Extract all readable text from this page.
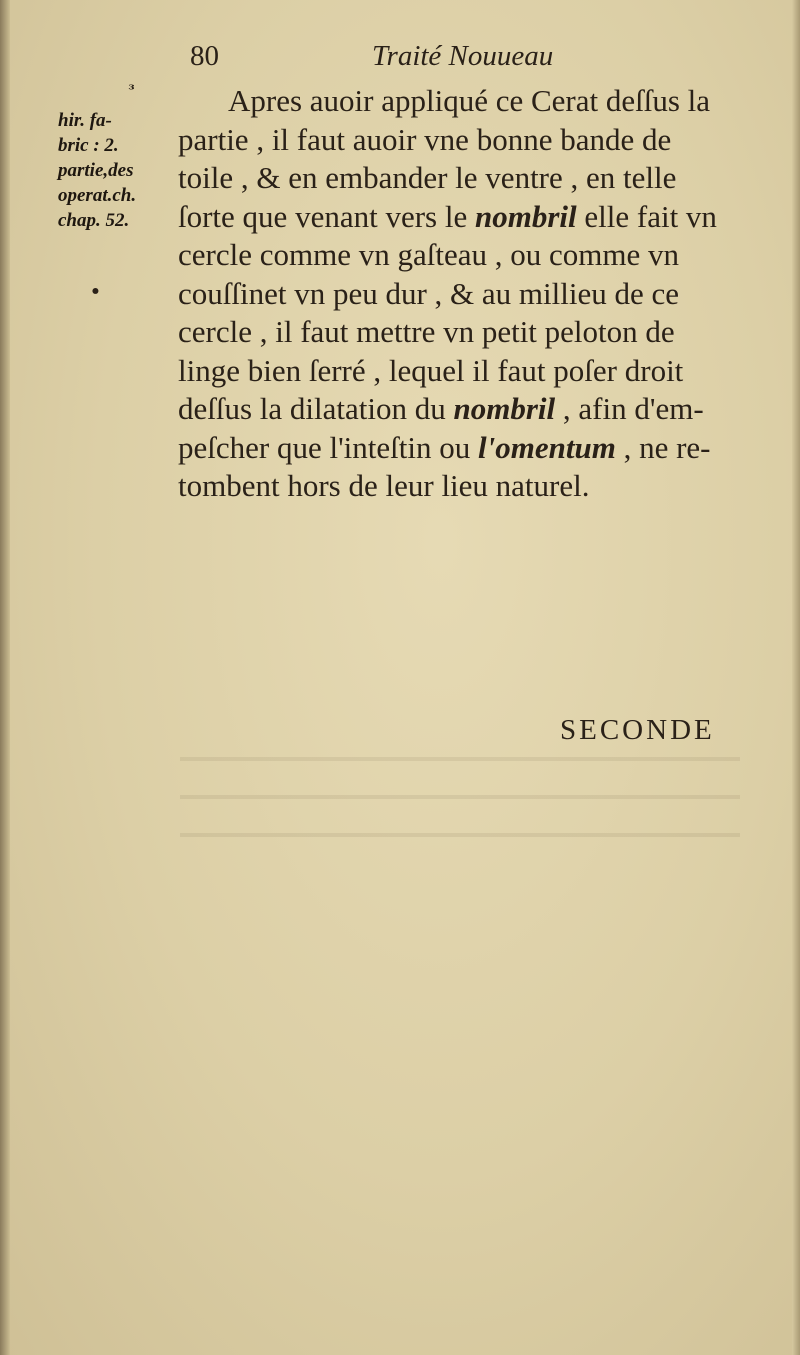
80	Traité Nouueau
ᶟ
hir. fa-
bric : 2.
partie,des
operat.ch.
chap. 52.
•
Apres auoir appliqué ce Cerat deſſus la
partie , il faut auoir vne bonne bande de
toile , & en embander le ventre , en telle
ſorte que venant vers le nombril elle fait vn
cercle comme vn gaſteau , ou comme vn
couſſinet vn peu dur , & au millieu de ce
cercle , il faut mettre vn petit peloton de
linge bien ſerré , lequel il faut poſer droit
deſſus la dilatation du nombril , afin d'em-
peſcher que l'inteſtin ou l'omentum , ne re-
tombent hors de leur lieu naturel.
SECONDE
